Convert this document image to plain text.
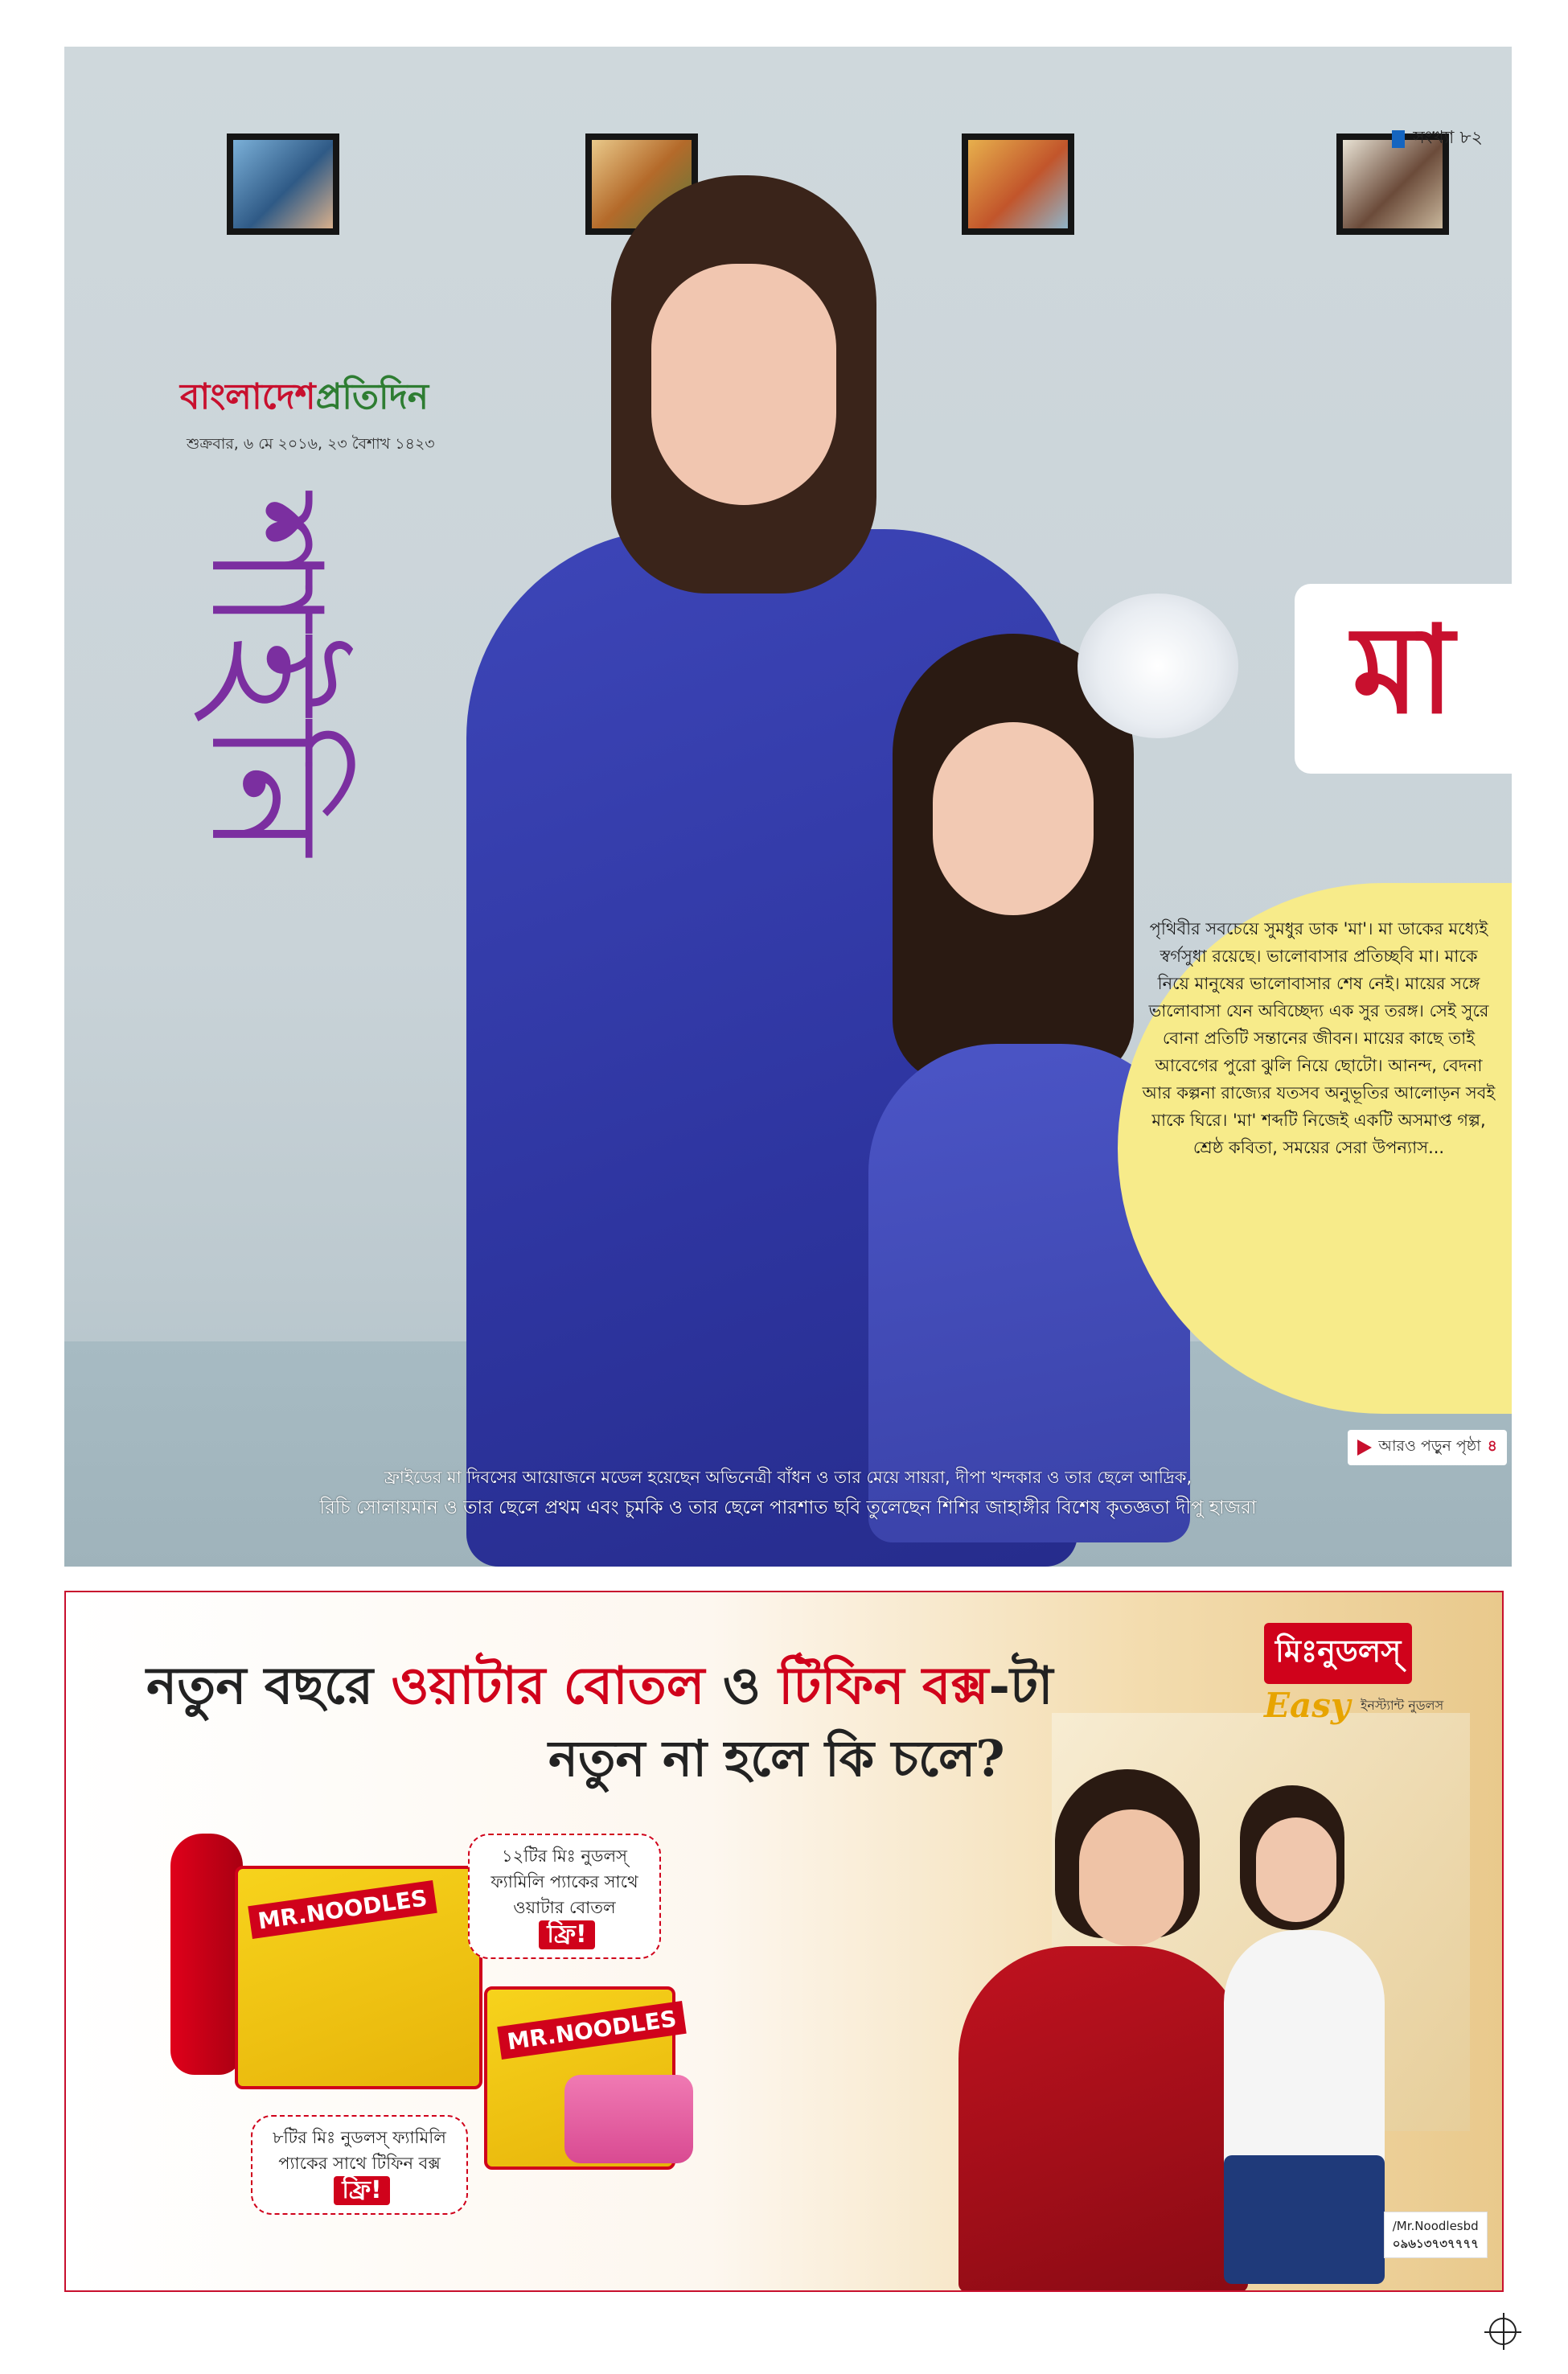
সংখ্যা ৮২
বাংলাদেশপ্রতিদিন
শুক্রবার, ৬ মে ২০১৬, ২৩ বৈশাখ ১৪২৩
শাইনি	মা

পৃথিবীর সবচেয়ে সুমধুর ডাক 'মা'। মা ডাকের মধ্যেই স্বর্গসুধা রয়েছে। ভালোবাসার প্রতিচ্ছবি মা। মাকে নিয়ে মানুষের ভালোবাসার শেষ নেই। মায়ের সঙ্গে ভালোবাসা যেন অবিচ্ছেদ্য এক সুর তরঙ্গ। সেই সুরে বোনা প্রতিটি সন্তানের জীবন। মায়ের কাছে তাই আবেগের পুরো ঝুলি নিয়ে ছোটো। আনন্দ, বেদনা আর কল্পনা রাজ্যের যতসব অনুভূতির আলোড়ন সবই মাকে ঘিরে। 'মা' শব্দটি নিজেই একটি অসমাপ্ত গল্প, শ্রেষ্ঠ কবিতা, সময়ের সেরা উপন্যাস...

আরও পড়ুন পৃষ্ঠা ৪
ফ্রাইডের মা দিবসের আয়োজনে মডেল হয়েছেন অভিনেত্রী বাঁধন ও তার মেয়ে সায়রা, দীপা খন্দকার ও তার ছেলে আদ্রিক,
রিচি সোলায়মান ও তার ছেলে প্রথম এবং চুমকি ও তার ছেলে পারশাত ছবি তুলেছেন শিশির জাহাঙ্গীর বিশেষ কৃতজ্ঞতা দীপু হাজরা
নতুন বছরে ওয়াটার বোতল ও টিফিন বক্স-টা
নতুন না হলে কি চলে?
মিঃনুডলস্
Easy ইনস্ট্যান্ট নুডলস
MR.NOODLES
MR.NOODLES
১২টির মিঃ নুডলস্ ফ্যামিলি প্যাকের সাথে ওয়াটার বোতল ফ্রি!
৮টির মিঃ নুডলস্ ফ্যামিলি প্যাকের সাথে টিফিন বক্স ফ্রি!
/Mr.Noodlesbd
০৯৬১৩৭৩৭৭৭৭
